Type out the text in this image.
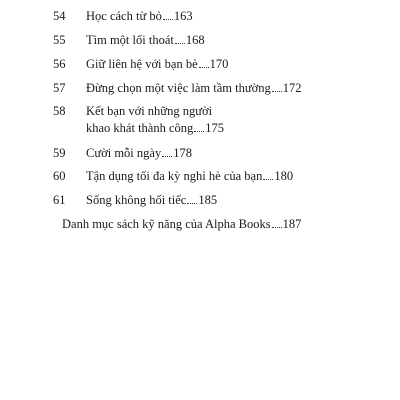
54 Học cách từ bỏ 163
55 Tìm một lối thoát 168
56 Giữ liên hệ với bạn bè 170
57 Đừng chọn một việc làm tầm thường 172
58 Kết bạn với những người
khao khát thành công 175
59 Cười mỗi ngày 178
60 Tận dụng tối đa kỳ nghỉ hè của bạn 180
61 Sống không hối tiếc 185
Danh mục sách kỹ năng của Alpha Books 187
